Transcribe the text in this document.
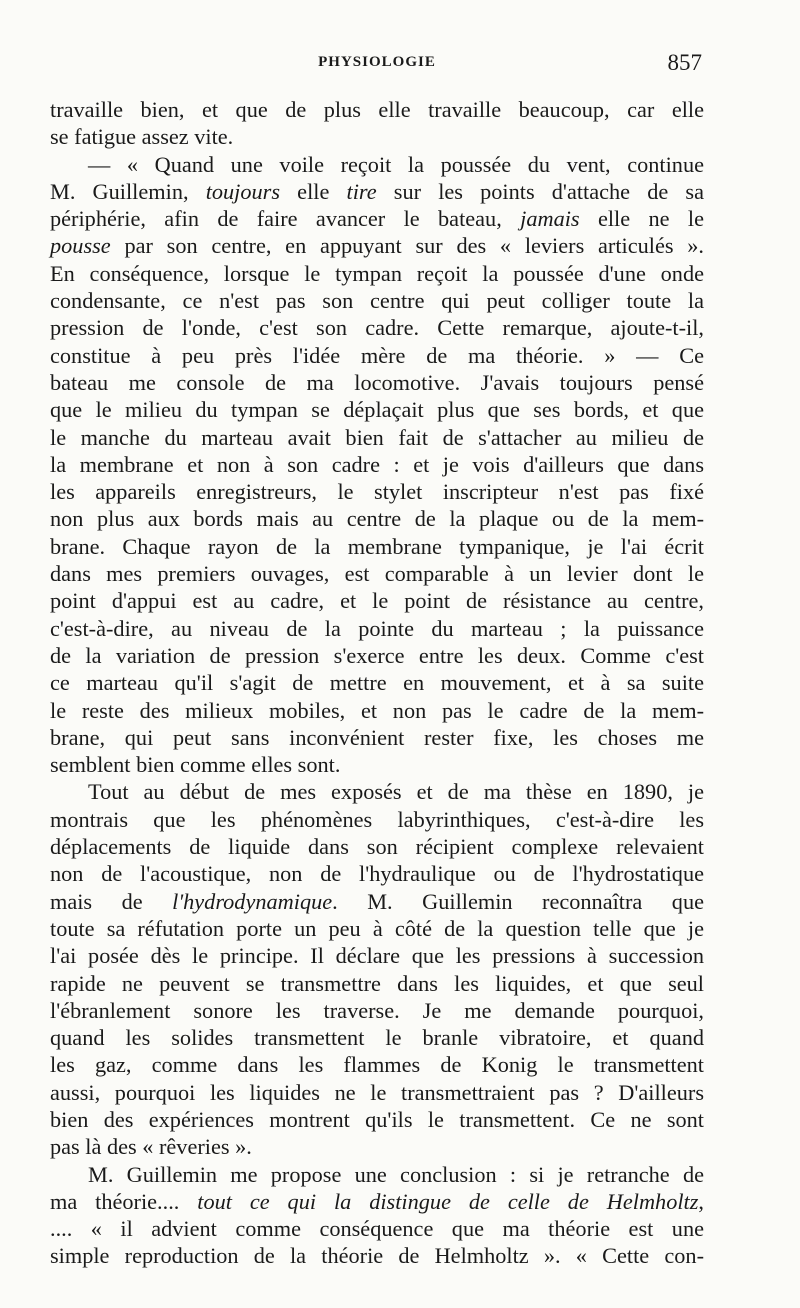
PHYSIOLOGIE	857
travaille bien, et que de plus elle travaille beaucoup, car elle
se fatigue assez vite.
— « Quand une voile reçoit la poussée du vent, continue
M. Guillemin, toujours elle tire sur les points d'attache de sa
périphérie, afin de faire avancer le bateau, jamais elle ne le
pousse par son centre, en appuyant sur des « leviers articulés ».
En conséquence, lorsque le tympan reçoit la poussée d'une onde
condensante, ce n'est pas son centre qui peut colliger toute la
pression de l'onde, c'est son cadre. Cette remarque, ajoute-t-il,
constitue à peu près l'idée mère de ma théorie. » — Ce
bateau me console de ma locomotive. J'avais toujours pensé
que le milieu du tympan se déplaçait plus que ses bords, et que
le manche du marteau avait bien fait de s'attacher au milieu de
la membrane et non à son cadre : et je vois d'ailleurs que dans
les appareils enregistreurs, le stylet inscripteur n'est pas fixé
non plus aux bords mais au centre de la plaque ou de la mem-
brane. Chaque rayon de la membrane tympanique, je l'ai écrit
dans mes premiers ouvages, est comparable à un levier dont le
point d'appui est au cadre, et le point de résistance au centre,
c'est-à-dire, au niveau de la pointe du marteau ; la puissance
de la variation de pression s'exerce entre les deux. Comme c'est
ce marteau qu'il s'agit de mettre en mouvement, et à sa suite
le reste des milieux mobiles, et non pas le cadre de la mem-
brane, qui peut sans inconvénient rester fixe, les choses me
semblent bien comme elles sont.
Tout au début de mes exposés et de ma thèse en 1890, je
montrais que les phénomènes labyrinthiques, c'est-à-dire les
déplacements de liquide dans son récipient complexe relevaient
non de l'acoustique, non de l'hydraulique ou de l'hydrostatique
mais de l'hydrodynamique. M. Guillemin reconnaîtra que
toute sa réfutation porte un peu à côté de la question telle que je
l'ai posée dès le principe. Il déclare que les pressions à succession
rapide ne peuvent se transmettre dans les liquides, et que seul
l'ébranlement sonore les traverse. Je me demande pourquoi,
quand les solides transmettent le branle vibratoire, et quand
les gaz, comme dans les flammes de Konig le transmettent
aussi, pourquoi les liquides ne le transmettraient pas ? D'ailleurs
bien des expériences montrent qu'ils le transmettent. Ce ne sont
pas là des « rêveries ».
M. Guillemin me propose une conclusion : si je retranche de
ma théorie.... tout ce qui la distingue de celle de Helmholtz,
.... « il advient comme conséquence que ma théorie est une
simple reproduction de la théorie de Helmholtz ». « Cette con-
